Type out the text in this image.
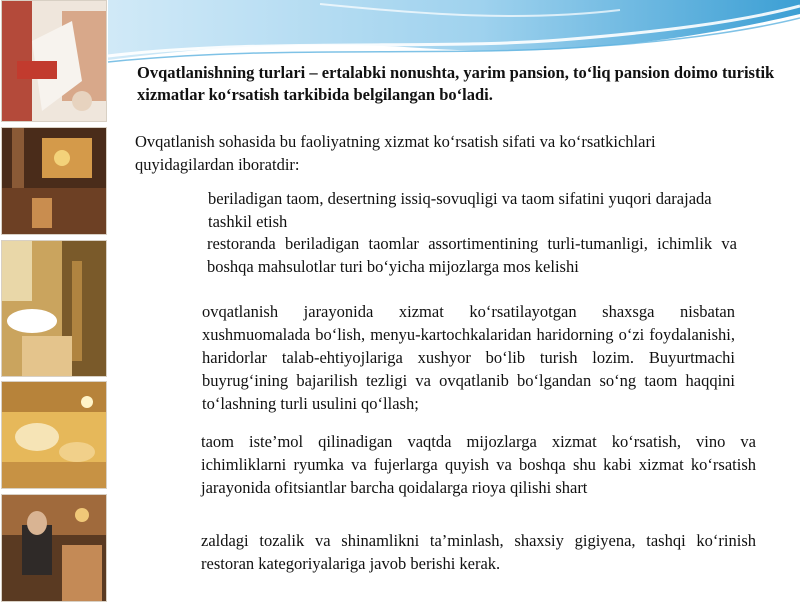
Ovqatlanishning turlari – ertalabki nonushta, yarim pansion, to‘liq pansion doimo turistik xizmatlar ko‘rsatish tarkibida belgilangan bo‘ladi.

Ovqatlanish sohasida bu faoliyatning xizmat ko‘rsatish sifati va ko‘rsatkichlari quyidagilardan iboratdir:

beriladigan taom, desertning issiq-sovuqligi va taom sifatini yuqori darajada tashkil etish

restoranda beriladigan taomlar assortimentining turli-tumanligi, ichimlik va boshqa mahsulotlar turi bo‘yicha mijozlarga mos kelishi

ovqatlanish jarayonida xizmat ko‘rsatilayotgan shaxsga nisbatan xushmuomalada bo‘lish, menyu-kartochkalaridan haridorning o‘zi foydalanishi, haridorlar talab-ehtiyojlariga xushyor bo‘lib turish lozim. Buyurtmachi buyrug‘ining bajarilish tezligi va ovqatlanib bo‘lgandan so‘ng taom haqqini to‘lashning turli usulini qo‘llash;

taom iste’mol qilinadigan vaqtda mijozlarga xizmat ko‘rsatish, vino va ichimliklarni ryumka va fujerlarga quyish va boshqa shu kabi xizmat ko‘rsatish jarayonida ofitsiantlar barcha qoidalarga rioya qilishi shart

zaldagi tozalik va shinamlikni ta’minlash, shaxsiy gigiyena, tashqi ko‘rinish restoran kategoriyalariga javob berishi kerak.
